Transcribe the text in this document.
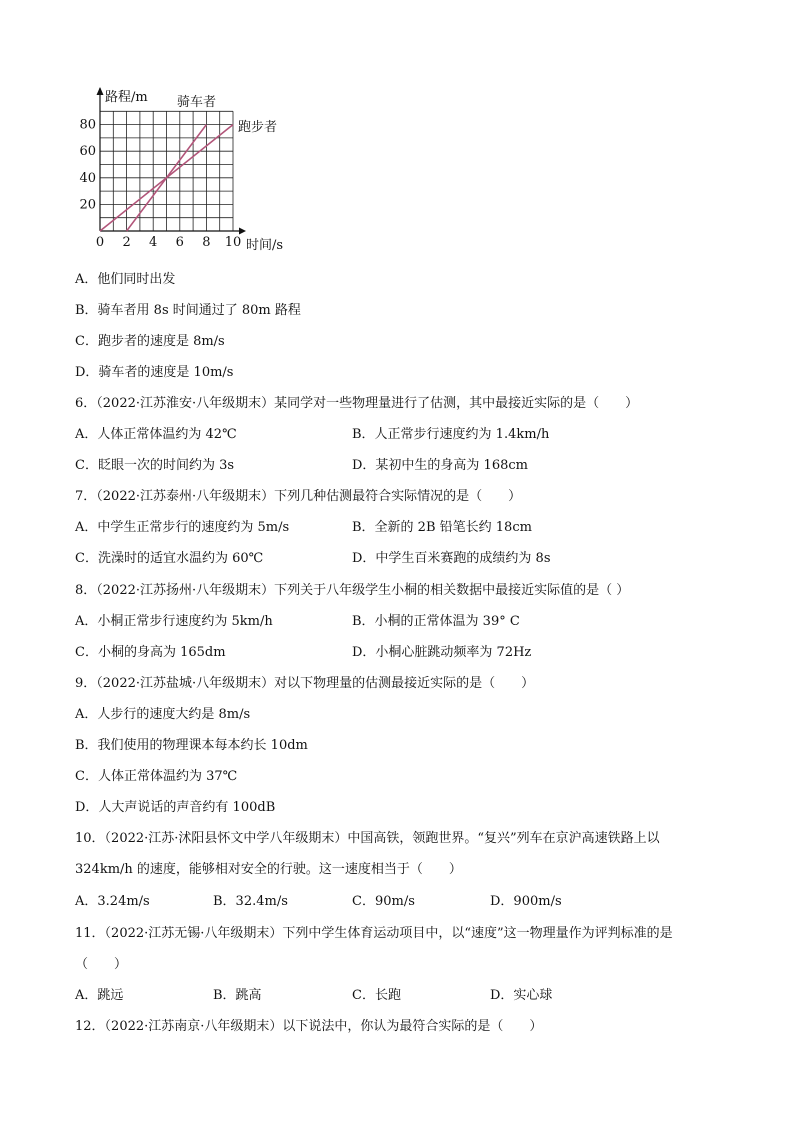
0 2 4 6 8 10
20
40
60
80
路程/m
时间/s
骑车者
跑步者
A．他们同时出发
B．骑车者用 8s 时间通过了 80m 路程
C．跑步者的速度是 8m/s
D．骑车者的速度是 10m/s
6．（2022·江苏淮安·八年级期末）某同学对一些物理量进行了估测，其中最接近实际的是（　　）
A．人体正常体温约为 42℃	B．人正常步行速度约为 1.4km/h
C．眨眼一次的时间约为 3s	D．某初中生的身高为 168cm
7．（2022·江苏泰州·八年级期末）下列几种估测最符合实际情况的是（　　）
A．中学生正常步行的速度约为 5m/s	B．全新的 2B 铅笔长约 18cm
C．洗澡时的适宜水温约为 60℃	D．中学生百米赛跑的成绩约为 8s
8．（2022·江苏扬州·八年级期末）下列关于八年级学生小桐的相关数据中最接近实际值的是（ ）
A．小桐正常步行速度约为 5km/h	B．小桐的正常体温为 39° C
C．小桐的身高为 165dm	D．小桐心脏跳动频率为 72Hz
9．（2022·江苏盐城·八年级期末）对以下物理量的估测最接近实际的是（　　）
A．人步行的速度大约是 8m/s
B．我们使用的物理课本每本约长 10dm
C．人体正常体温约为 37℃
D．人大声说话的声音约有 100dB
10．（2022·江苏·沭阳县怀文中学八年级期末）中国高铁，领跑世界。“复兴”列车在京沪高速铁路上以
324km/h 的速度，能够相对安全的行驶。这一速度相当于（　　）
A．3.24m/s	B．32.4m/s	C．90m/s	D．900m/s
11．（2022·江苏无锡·八年级期末）下列中学生体育运动项目中，以“速度”这一物理量作为评判标准的是
（　　）
A．跳远	B．跳高	C．长跑	D．实心球
12．（2022·江苏南京·八年级期末）以下说法中，你认为最符合实际的是（　　）
